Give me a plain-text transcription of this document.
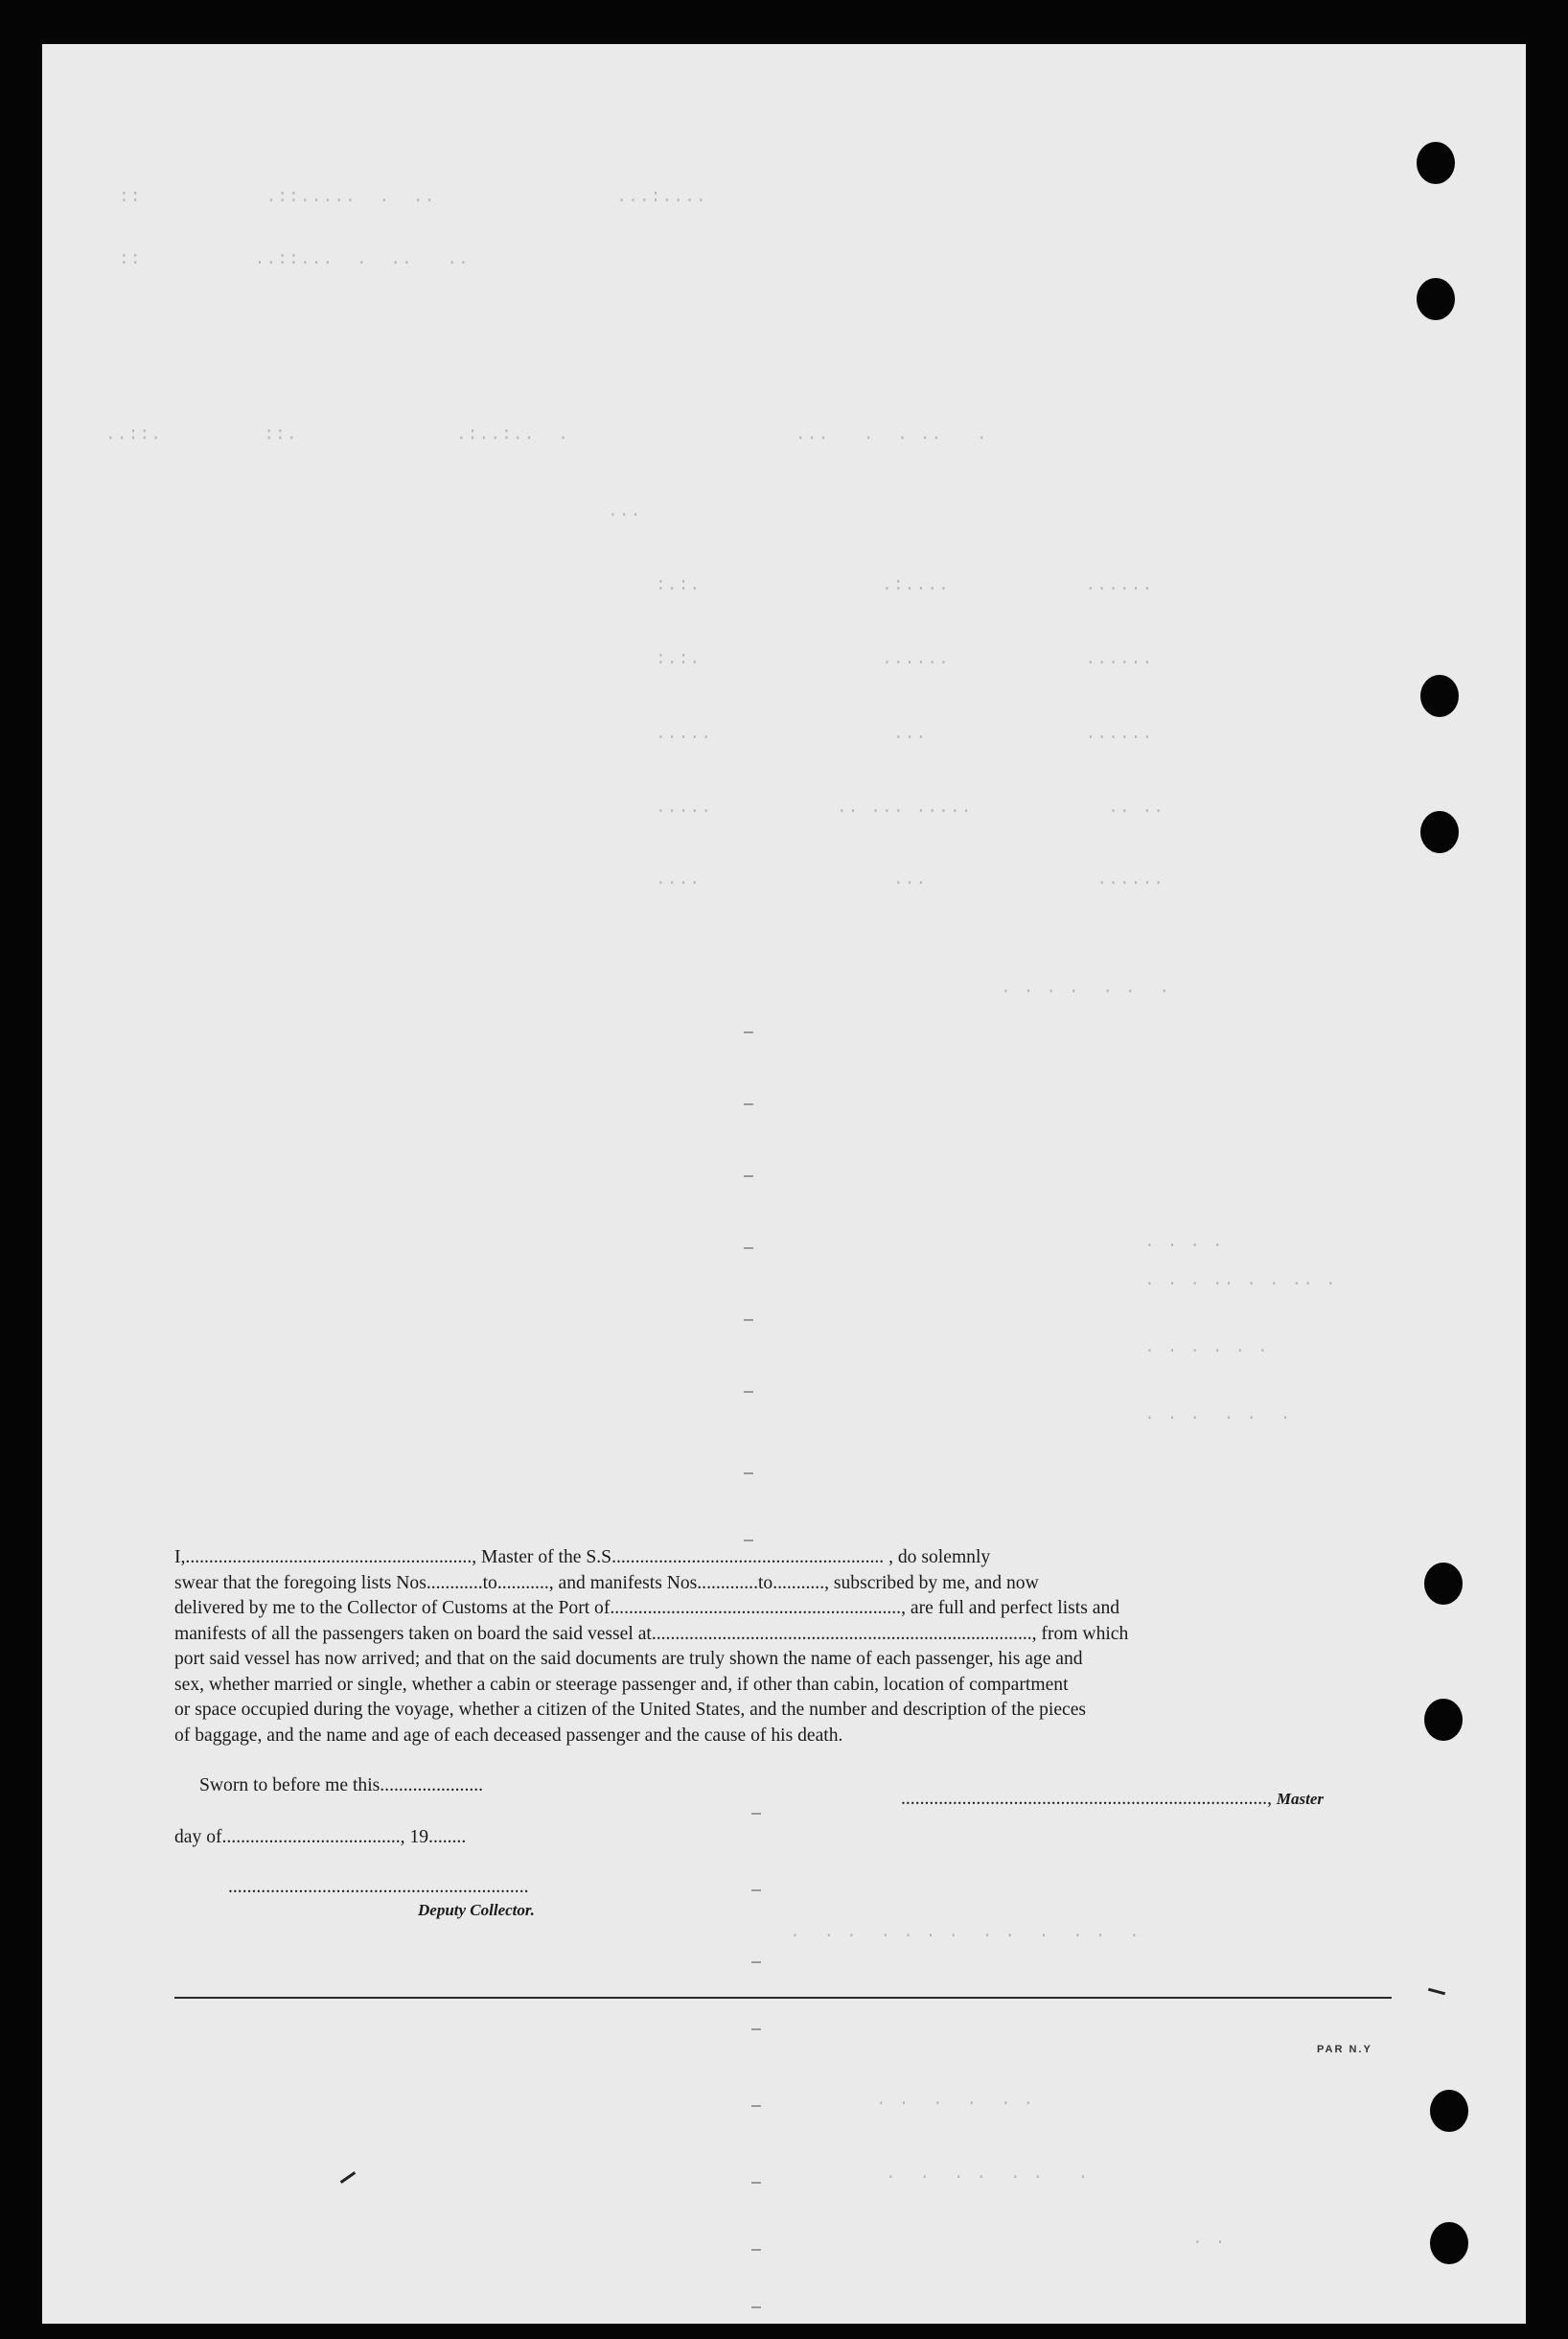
::           .::.....  .  ..                ...:....
::          ..::...  .  ..   ..
..::.         ::.              .:..:..  .                    ...   .  . ..   .
...
:.:.                .:....            ......
:.:.                ......            ......
.....                ...              ......
.....           .. ... .....            .. ..
....                 ...               ......
. . . .  . .  .
. . . .
. . . .. . . .. .
. . . . . .
. . .  . .  .
.  . .  . . . .  . .  .  . .  .
. .  .  .  . .
.  .  . .  . .   .
. .

I,............................................................., Master of the S.S.......................................................... , do solemnly

swear that the foregoing lists Nos............to..........., and manifests Nos.............to..........., subscribed by me, and now

delivered by me to the Collector of Customs at the Port of.............................................................., are full and perfect lists and

manifests of all the passengers taken on board the said vessel at................................................................................., from which

port said vessel has now arrived; and that on the said documents are truly shown the name of each passenger, his age and

sex, whether married or single, whether a cabin or steerage passenger and, if other than cabin, location of compartment

or space occupied during the voyage, whether a citizen of the United States, and the number and description of the pieces

of baggage, and the name and age of each deceased passenger and the cause of his death.

Sworn to before me this......................
day of......................................, 19........
................................................................
Deputy Collector.
.............................................................................., Master
PAR N.Y
